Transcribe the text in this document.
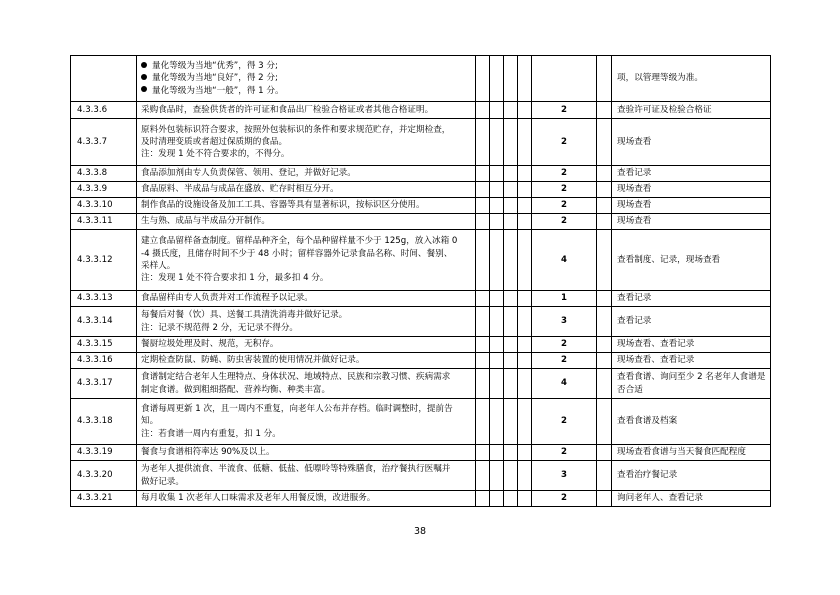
	量化等级为当地“优秀”，得 3 分;
量化等级为当地“良好”，得 2 分;
量化等级为当地“一般”，得 1 分。							项，以管理等级为准。
4.3.3.6	采购食品时，查验供货者的许可证和食品出厂检验合格证或者其他合格证明。					2		查验许可证及检验合格证
4.3.3.7	原料外包装标识符合要求，按照外包装标识的条件和要求规范贮存，并定期检查，
及时清理变质或者超过保质期的食品。
注：发现 1 处不符合要求的，不得分。					2		现场查看
4.3.3.8	食品添加剂由专人负责保管、领用、登记，并做好记录。					2		查看记录
4.3.3.9	食品原料、半成品与成品在盛放、贮存时相互分开。					2		现场查看
4.3.3.10	制作食品的设施设备及加工工具、容器等具有显著标识，按标识区分使用。					2		现场查看
4.3.3.11	生与熟、成品与半成品分开制作。					2		现场查看
4.3.3.12	建立食品留样备查制度。留样品种齐全，每个品种留样量不少于 125g，放入冰箱 0
-4 摄氏度，且储存时间不少于 48 小时；留样容器外记录食品名称、时间、餐别、
采样人。
注：发现 1 处不符合要求扣 1 分，最多扣 4 分。					4		查看制度、记录，现场查看
4.3.3.13	食品留样由专人负责并对工作流程予以记录。					1		查看记录
4.3.3.14	每餐后对餐（饮）具、送餐工具清洗消毒并做好记录。
注：记录不规范得 2 分，无记录不得分。					3		查看记录
4.3.3.15	餐厨垃圾处理及时、规范，无积存。					2		现场查看、查看记录
4.3.3.16	定期检查防鼠、防蝇、防虫害装置的使用情况并做好记录。					2		现场查看、查看记录
4.3.3.17	食谱制定结合老年人生理特点、身体状况、地域特点、民族和宗教习惯、疾病需求
制定食谱。做到粗细搭配、营养均衡、种类丰富。					4		查看食谱、询问至少 2 名老年人食谱是否合适
4.3.3.18	食谱每周更新 1 次，且一周内不重复，向老年人公布并存档。临时调整时，提前告
知。
注：若食谱一周内有重复，扣 1 分。					2		查看食谱及档案
4.3.3.19	餐食与食谱相符率达 90%及以上。					2		现场查看食谱与当天餐食匹配程度
4.3.3.20	为老年人提供流食、半流食、低糖、低盐、低嘌呤等特殊膳食，治疗餐执行医嘱并
做好记录。					3		查看治疗餐记录
4.3.3.21	每月收集 1 次老年人口味需求及老年人用餐反馈，改进服务。					2		询问老年人、查看记录
38
